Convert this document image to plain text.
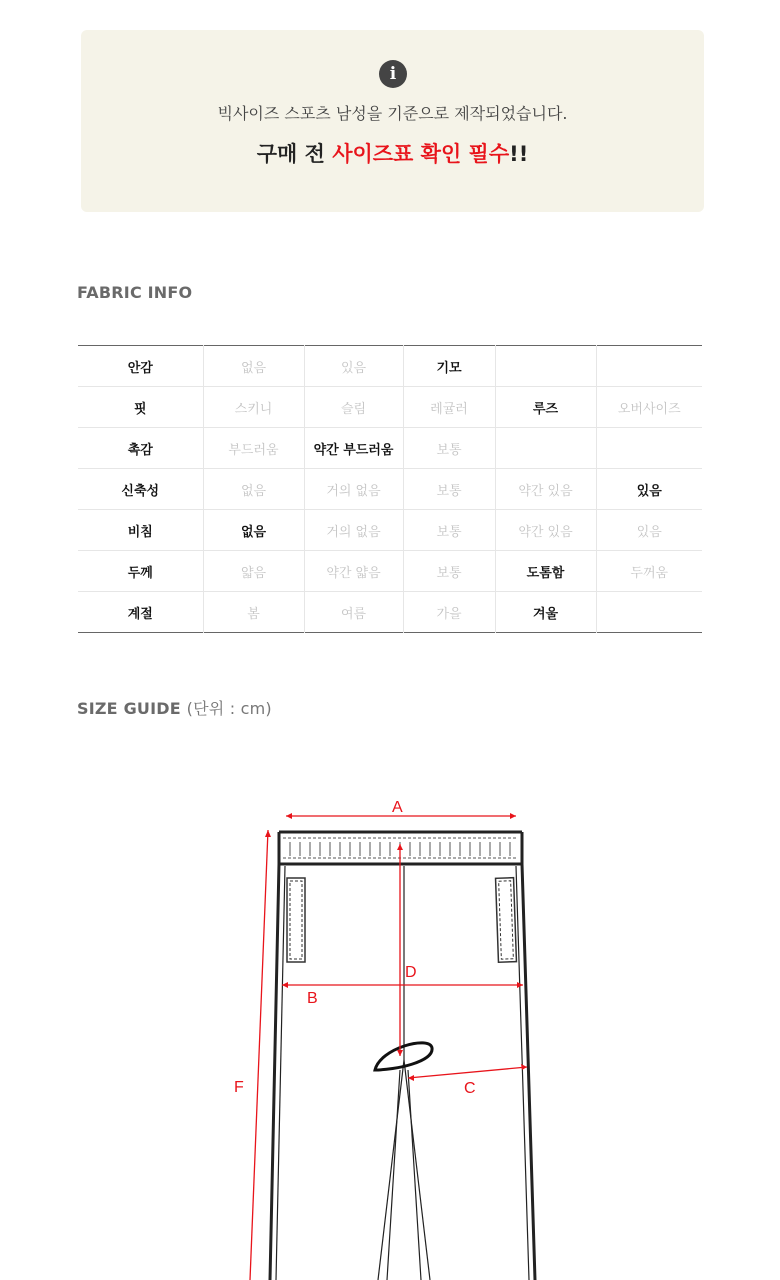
i
빅사이즈 스포츠 남성을 기준으로 제작되었습니다.
구매 전 사이즈표 확인 필수!!
FABRIC INFO
안감	없음	있음	기모		
핏	스키니	슬림	레귤러	루즈	오버사이즈
촉감	부드러움	약간 부드러움	보통		
신축성	없음	거의 없음	보통	약간 있음	있음
비침	없음	거의 없음	보통	약간 있음	있음
두께	얇음	약간 얇음	보통	도톰함	두꺼움
계절	봄	여름	가을	겨울	
SIZE GUIDE (단위 : cm)
A
B
C
D
F
